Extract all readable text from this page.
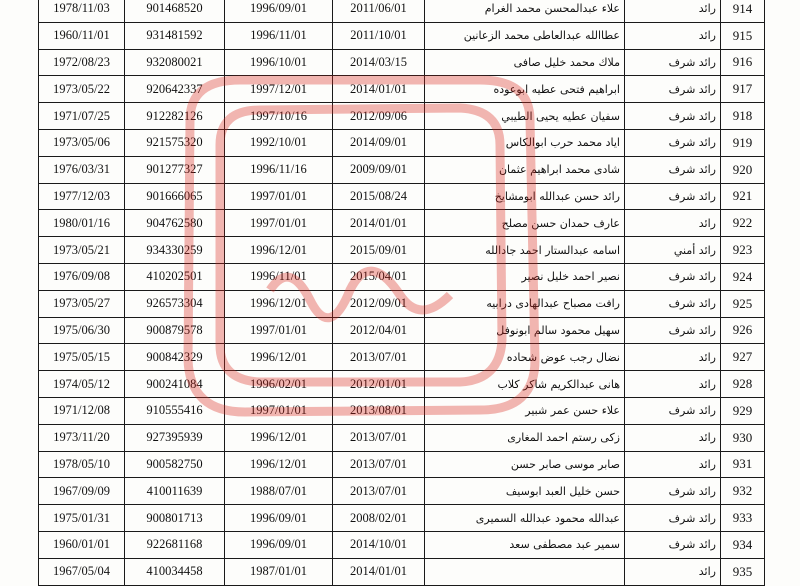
1978/11/03	901468520	1996/09/01	2011/06/01	علاء عبدالمحسن محمد الغرام	رائد	914
1960/11/01	931481592	1996/11/01	2011/10/01	عطاالله عبدالعاطى محمد الزعانين	رائد	915
1972/08/23	932080021	1996/10/01	2014/03/15	ملاك محمد خليل صافى	رائد شرف	916
1973/05/22	920642337	1997/12/01	2014/01/01	ابراهيم فتحى عطيه ابوعوده	رائد شرف	917
1971/07/25	912282126	1997/10/16	2012/09/06	سفيان عطيه يحيى الطيبي	رائد شرف	918
1973/05/06	921575320	1992/10/01	2014/09/01	اياد محمد حرب ابوالكاس	رائد شرف	919
1976/03/31	901277327	1996/11/16	2009/09/01	شادى محمد ابراهيم عثمان	رائد شرف	920
1977/12/03	901666065	1997/01/01	2015/08/24	رائد حسن عبدالله ابومشايخ	رائد شرف	921
1980/01/16	904762580	1997/01/01	2014/01/01	عارف حمدان حسن مصلح	رائد	922
1973/05/21	934330259	1996/12/01	2015/09/01	اسامه عبدالستار احمد جادالله	رائد أمني	923
1976/09/08	410202501	1996/11/01	2015/04/01	نصير احمد خليل نصير	رائد شرف	924
1973/05/27	926573304	1996/12/01	2012/09/01	رافت مصباح عبدالهادى درابيه	رائد شرف	925
1975/06/30	900879578	1997/01/01	2012/04/01	سهيل محمود سالم ابونوفل	رائد شرف	926
1975/05/15	900842329	1996/12/01	2013/07/01	نضال رجب عوض شحاده	رائد	927
1974/05/12	900241084	1996/02/01	2012/01/01	هانى عبدالكريم شاكر كلاب	رائد	928
1971/12/08	910555416	1997/01/01	2013/08/01	علاء حسن عمر شبير	رائد شرف	929
1973/11/20	927395939	1996/12/01	2013/07/01	زكى رستم احمد المغارى	رائد	930
1978/05/10	900582750	1996/12/01	2013/07/01	صابر موسى صابر حسن	رائد	931
1967/09/09	410011639	1988/07/01	2013/07/01	حسن خليل العبد ابوسيف	رائد شرف	932
1975/01/31	900801713	1996/09/01	2008/02/01	عبدالله محمود عبدالله السميرى	رائد شرف	933
1960/01/01	922681168	1996/09/01	2014/10/01	سمير عبد مصطفى سعد	رائد شرف	934
1967/05/04	410034458	1987/01/01	2014/01/01		رائد	935
